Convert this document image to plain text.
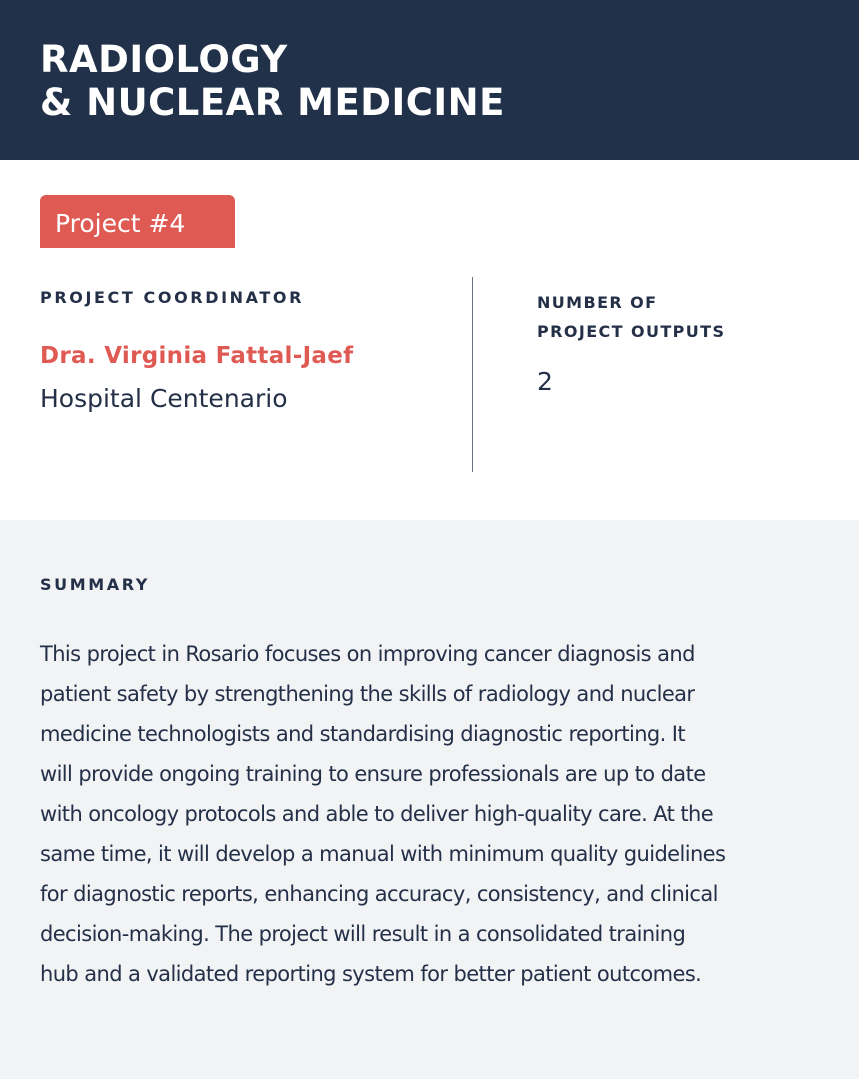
RADIOLOGY
& NUCLEAR MEDICINE
Project #4
PROJECT COORDINATOR
Dra. Virginia Fattal-Jaef
Hospital Centenario
NUMBER OF
PROJECT OUTPUTS
2
SUMMARY
This project in Rosario focuses on improving cancer diagnosis and
patient safety by strengthening the skills of radiology and nuclear
medicine technologists and standardising diagnostic reporting. It
will provide ongoing training to ensure professionals are up to date
with oncology protocols and able to deliver high-quality care. At the
same time, it will develop a manual with minimum quality guidelines
for diagnostic reports, enhancing accuracy, consistency, and clinical
decision-making. The project will result in a consolidated training
hub and a validated reporting system for better patient outcomes.
